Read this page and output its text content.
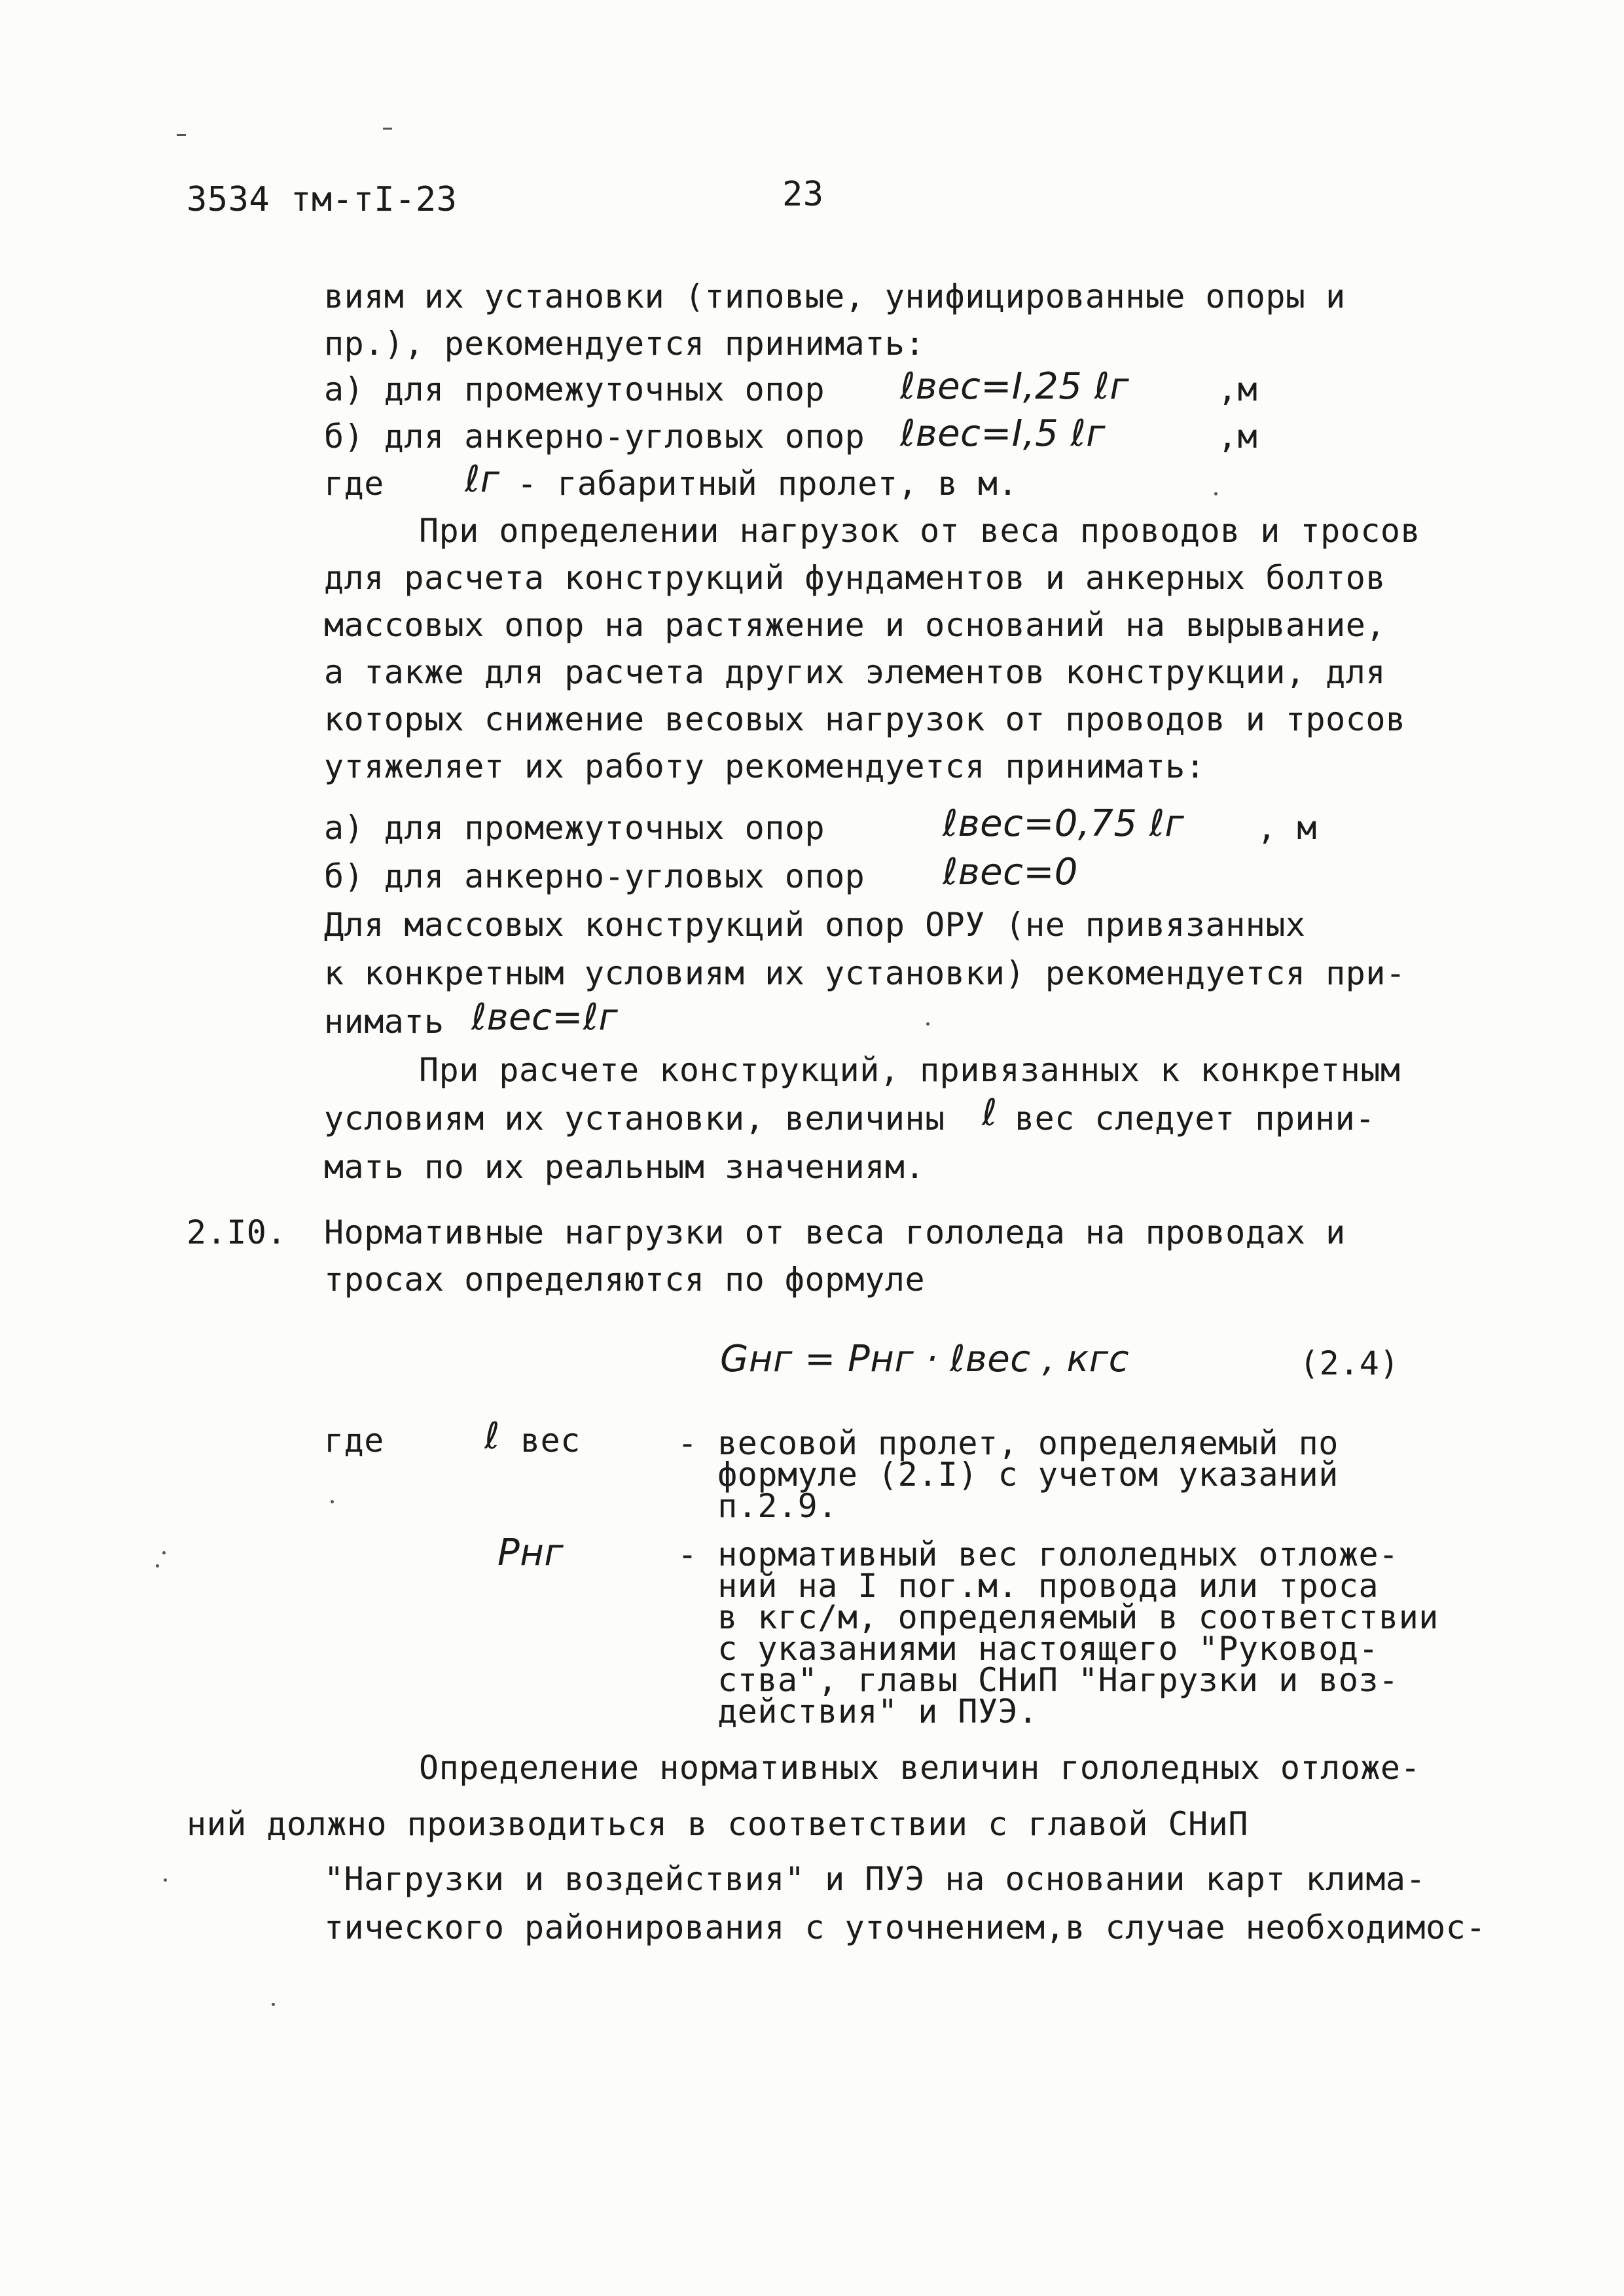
3534 тм-тI-23	23
виям их установки (типовые, унифицированные опоры и
пр.), рекомендуется принимать:
а) для промежуточных опор ℓвес=I,25 ℓг	,м
б) для анкерно-угловых опор ℓвес=I,5 ℓг	,м
где ℓг - габаритный пролет, в м.
При определении нагрузок от веса проводов и тросов
для расчета конструкций фундаментов и анкерных болтов
массовых опор на растяжение и оснований на вырывание,
а также для расчета других элементов конструкции, для
которых снижение весовых нагрузок от проводов и тросов
утяжеляет их работу рекомендуется принимать:
а) для промежуточных опор	ℓвес=0,75 ℓг , м
б) для анкерно-угловых опор ℓвес=0
Для массовых конструкций опор ОРУ (не привязанных
к конкретным условиям их установки) рекомендуется при-
нимать ℓвес=ℓг
При расчете конструкций, привязанных к конкретным
условиям их установки, величины ℓ вес следует прини-
мать по их реальным значениям.
2.I0. Нормативные нагрузки от веса гололеда на проводах и
тросах определяются по формуле
Gнг = Pнг · ℓвес , кгс	(2.4)
где	ℓ вес	- весовой пролет, определяемый по
формуле (2.I) с учетом указаний
п.2.9.
Pнг	- нормативный вес гололедных отложе-
ний на I пог.м. провода или троса
в кгс/м, определяемый в соответствии
с указаниями настоящего "Руковод-
ства", главы СНиП "Нагрузки и воз-
действия" и ПУЭ.
Определение нормативных величин гололедных отложе-
ний должно производиться в соответствии с главой СНиП
"Нагрузки и воздействия" и ПУЭ на основании карт клима-
тического районирования с уточнением,в случае необходимос-
